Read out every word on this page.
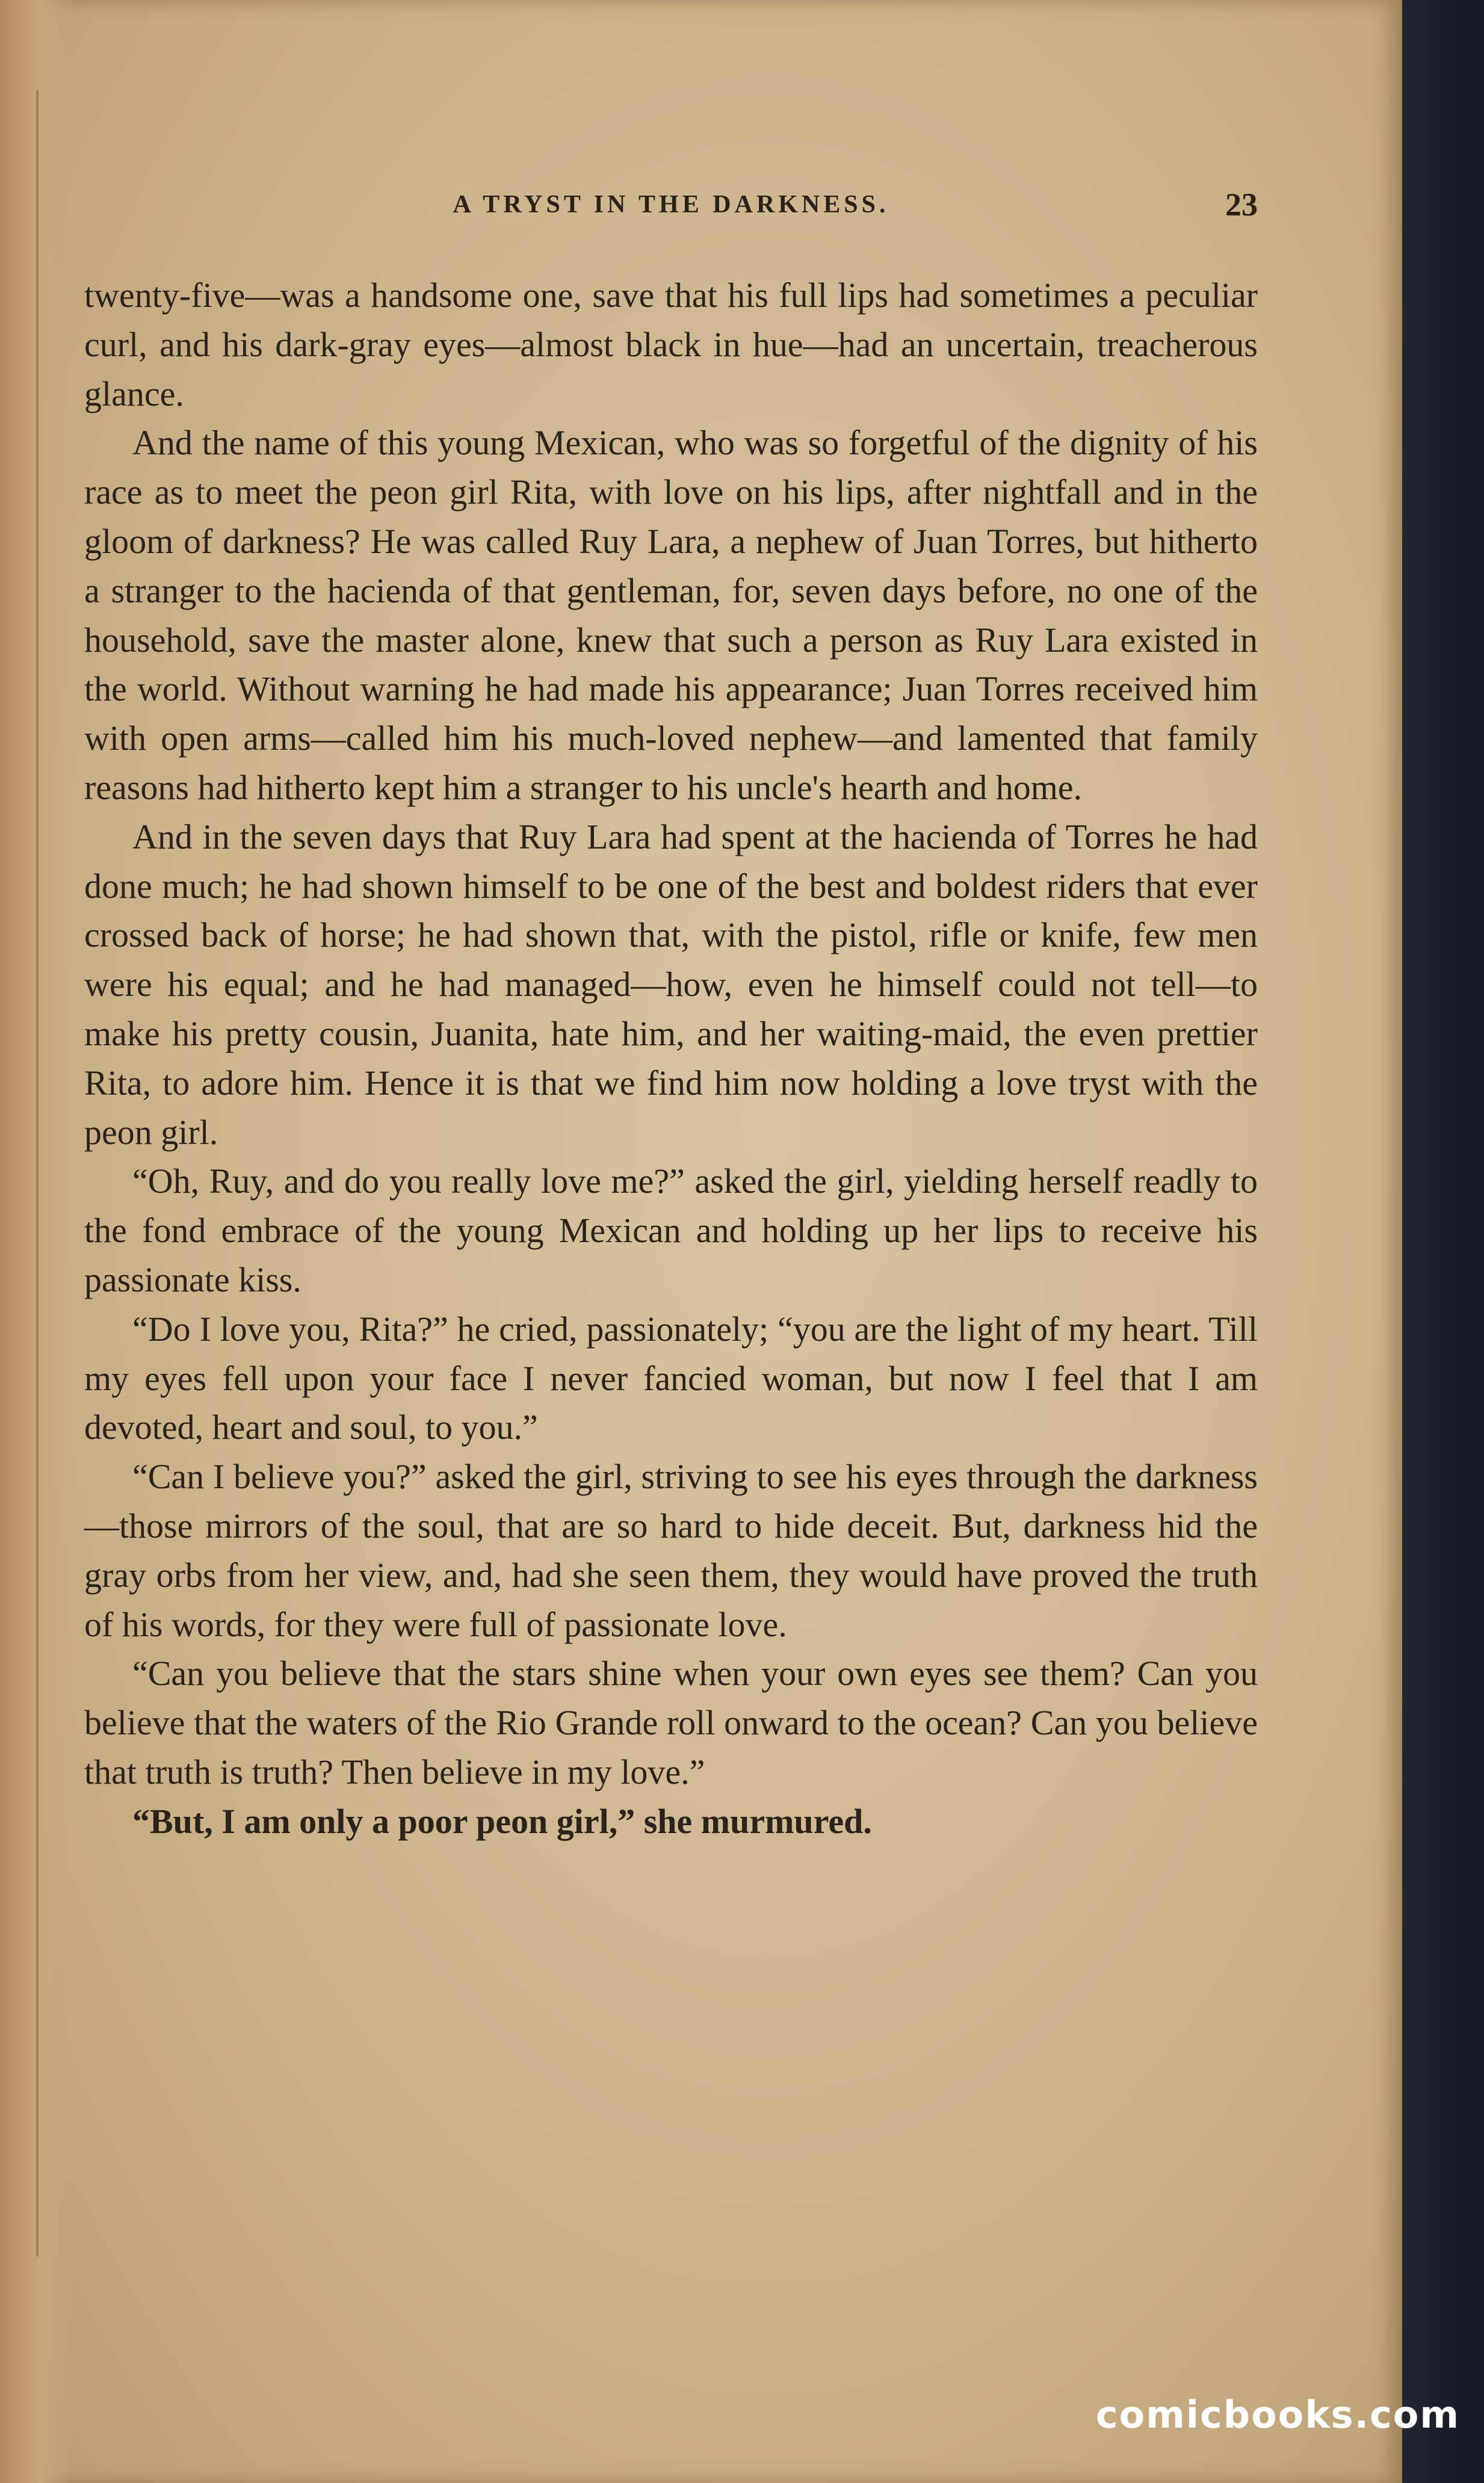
A TRYST IN THE DARKNESS.	23

twenty-five—was a handsome one, save that his full lips had sometimes a peculiar curl, and his dark-gray eyes—almost black in hue—had an uncertain, treacherous glance.

And the name of this young Mexican, who was so forgetful of the dignity of his race as to meet the peon girl Rita, with love on his lips, after nightfall and in the gloom of darkness? He was called Ruy Lara, a nephew of Juan Torres, but hitherto a stranger to the hacienda of that gentleman, for, seven days before, no one of the household, save the master alone, knew that such a person as Ruy Lara existed in the world. Without warning he had made his appearance; Juan Torres received him with open arms—called him his much-loved nephew—and lamented that family reasons had hitherto kept him a stranger to his uncle's hearth and home.

And in the seven days that Ruy Lara had spent at the hacienda of Torres he had done much; he had shown himself to be one of the best and boldest riders that ever crossed back of horse; he had shown that, with the pistol, rifle or knife, few men were his equal; and he had managed—how, even he himself could not tell—to make his pretty cousin, Juanita, hate him, and her waiting-maid, the even prettier Rita, to adore him. Hence it is that we find him now holding a love tryst with the peon girl.

“Oh, Ruy, and do you really love me?” asked the girl, yielding herself readly to the fond embrace of the young Mexican and holding up her lips to receive his passionate kiss.

“Do I love you, Rita?” he cried, passionately; “you are the light of my heart. Till my eyes fell upon your face I never fancied woman, but now I feel that I am devoted, heart and soul, to you.”

“Can I believe you?” asked the girl, striving to see his eyes through the darkness—those mirrors of the soul, that are so hard to hide deceit. But, darkness hid the gray orbs from her view, and, had she seen them, they would have proved the truth of his words, for they were full of passionate love.

“Can you believe that the stars shine when your own eyes see them? Can you believe that the waters of the Rio Grande roll onward to the ocean? Can you believe that truth is truth? Then believe in my love.”

“But, I am only a poor peon girl,” she murmured.

comicbooks.com
